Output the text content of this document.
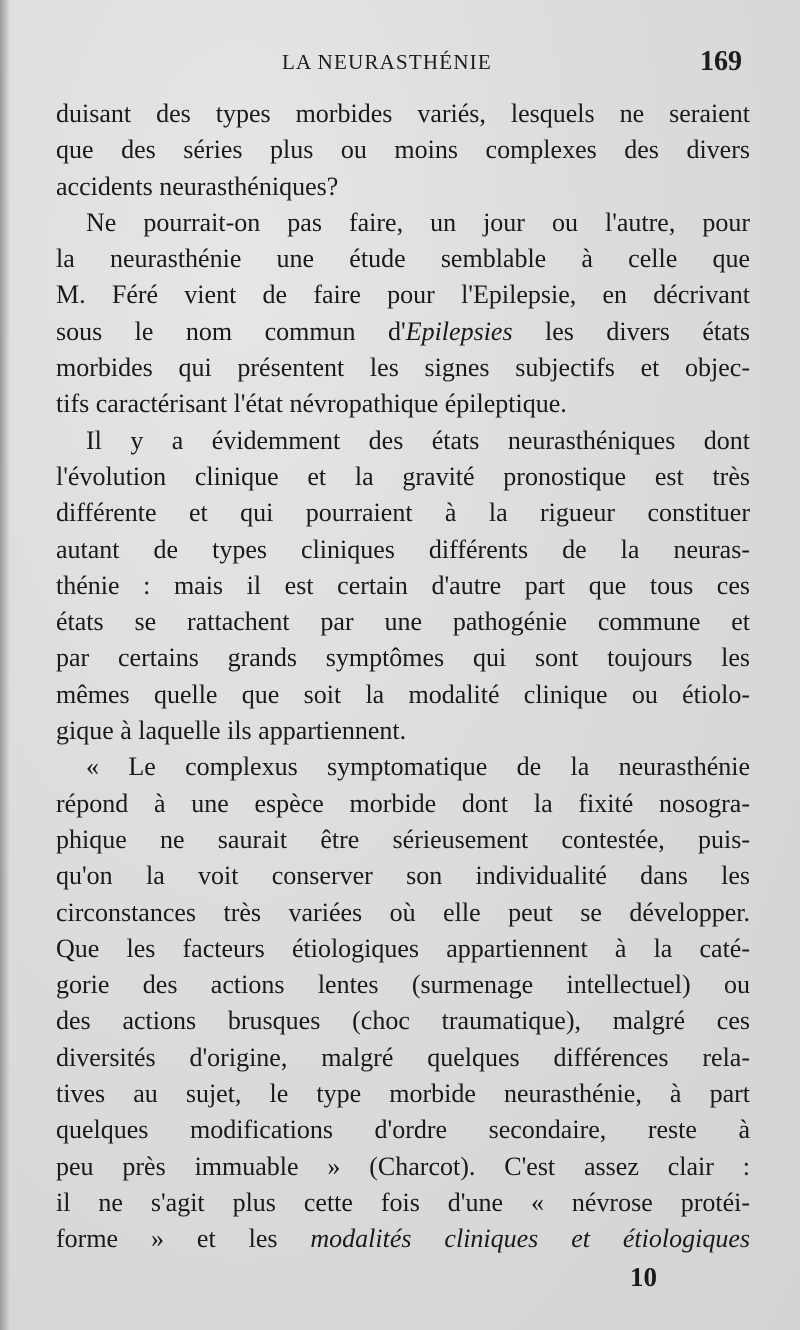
LA NEURASTHÉNIE	169
duisant des types morbides variés, lesquels ne seraient
que des séries plus ou moins complexes des divers
accidents neurasthéniques?
Ne pourrait-on pas faire, un jour ou l'autre, pour
la neurasthénie une étude semblable à celle que
M. Féré vient de faire pour l'Epilepsie, en décrivant
sous le nom commun d'Epilepsies les divers états
morbides qui présentent les signes subjectifs et objec-
tifs caractérisant l'état névropathique épileptique.
Il y a évidemment des états neurasthéniques dont
l'évolution clinique et la gravité pronostique est très
différente et qui pourraient à la rigueur constituer
autant de types cliniques différents de la neuras-
thénie : mais il est certain d'autre part que tous ces
états se rattachent par une pathogénie commune et
par certains grands symptômes qui sont toujours les
mêmes quelle que soit la modalité clinique ou étiolo-
gique à laquelle ils appartiennent.
« Le complexus symptomatique de la neurasthénie
répond à une espèce morbide dont la fixité nosogra-
phique ne saurait être sérieusement contestée, puis-
qu'on la voit conserver son individualité dans les
circonstances très variées où elle peut se développer.
Que les facteurs étiologiques appartiennent à la caté-
gorie des actions lentes (surmenage intellectuel) ou
des actions brusques (choc traumatique), malgré ces
diversités d'origine, malgré quelques différences rela-
tives au sujet, le type morbide neurasthénie, à part
quelques modifications d'ordre secondaire, reste à
peu près immuable » (Charcot). C'est assez clair :
il ne s'agit plus cette fois d'une « névrose protéi-
forme » et les modalités cliniques et étiologiques
10
